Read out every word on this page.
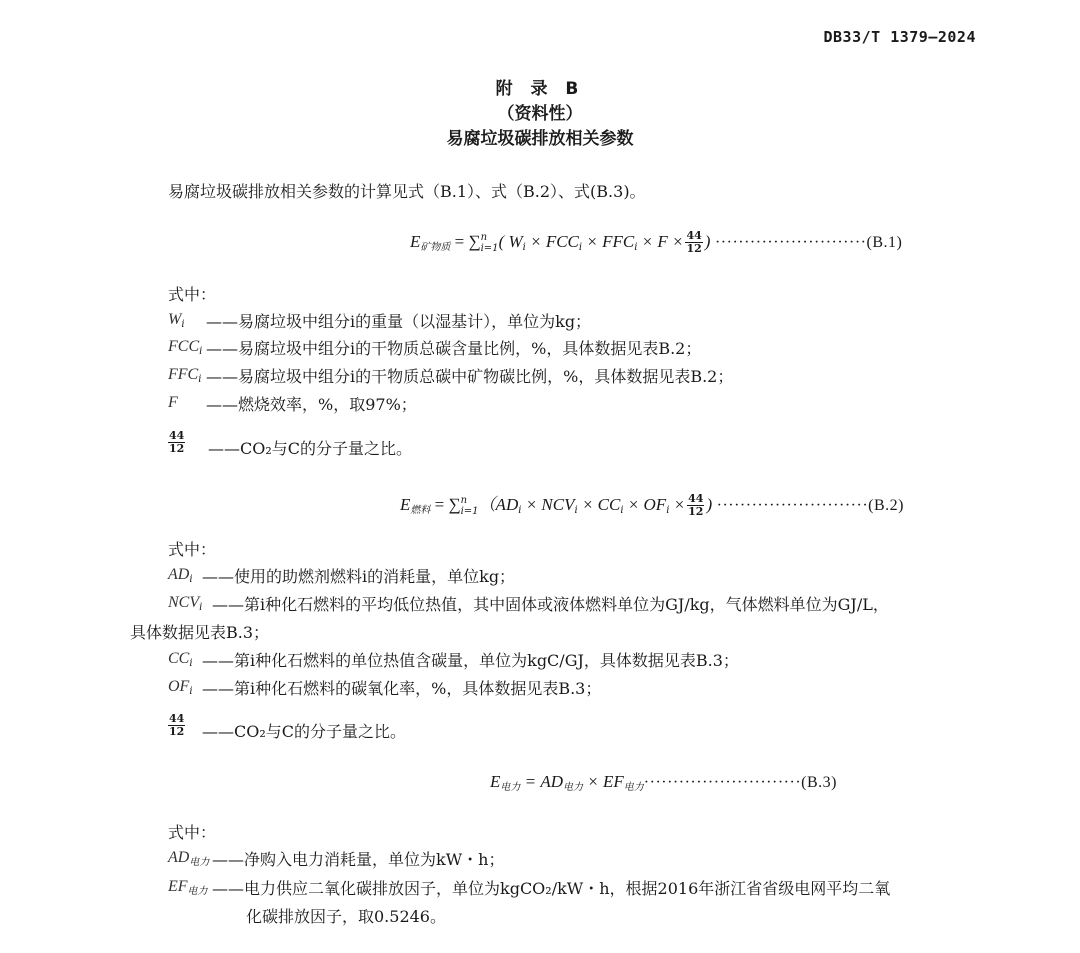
DB33/T 1379—2024
附 录 B
（资料性）
易腐垃圾碳排放相关参数
易腐垃圾碳排放相关参数的计算见式（B.1）、式（B.2）、式(B.3)。
$E_{矿物质}$ = ∑ n
i=1 ( $W_i \times FCC_i \times FFC_i \times F \times \frac{44}{12}$ ) ··························(B.1)
式中：
$W_i$ ——易腐垃圾中组分i的重量（以湿基计），单位为kg；
$FCC_i$ ——易腐垃圾中组分i的干物质总碳含量比例，%，具体数据见表B.2；
$FFC_i$ ——易腐垃圾中组分i的干物质总碳中矿物碳比例，%，具体数据见表B.2；
F ——燃烧效率，%，取97%；
$\frac{44}{12}$ ——CO₂与C的分子量之比。
$E_{燃料}$ = ∑ n
i=1 （$AD_i \times NCV_i \times CC_i \times OF_i \times \frac{44}{12}$ ) ··························(B.2)
式中：
$AD_i$ ——使用的助燃剂燃料i的消耗量，单位kg；
$NCV_i$ ——第i种化石燃料的平均低位热值，其中固体或液体燃料单位为GJ/kg，气体燃料单位为GJ/L，
具体数据见表B.3；
$CC_i$ ——第i种化石燃料的单位热值含碳量，单位为kgC/GJ，具体数据见表B.3；
$OF_i$ ——第i种化石燃料的碳氧化率，%，具体数据见表B.3；
$\frac{44}{12}$ ——CO₂与C的分子量之比。
$E_{电力} = AD_{电力} \times EF_{电力}\cdot\cdot\cdot\cdot\cdot\cdot\cdot\cdot\cdot\cdot\cdot\cdot\cdot\cdot\cdot\cdot\cdot\cdot\cdot\cdot\cdot\cdot\cdot\cdot\cdot\cdot\cdot(B.3)$
式中：
$AD_{电力}$ ——净购入电力消耗量，单位为kW・h；
$EF_{电力}$ ——电力供应二氧化碳排放因子，单位为kgCO₂/kW・h，根据2016年浙江省省级电网平均二氧
化碳排放因子，取0.5246。
